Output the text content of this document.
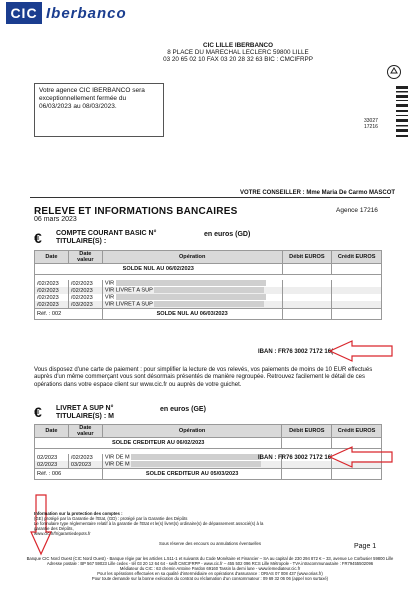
CIC Iberbanco
CIC LILLE IBERBANCO
8 PLACE DU MARECHAL LECLERC 59800 LILLE
03 20 65 02 10 FAX 03 20 28 32 63 BIC : CMCIFRPP
33027
17216
Votre agence CIC IBERBANCO sera exceptionnellement fermée du 06/03/2023 au 08/03/2023.
VOTRE CONSEILLER : Mme Maria De Carmo MASCOT
RELEVE ET INFORMATIONS BANCAIRES
06 mars 2023
Agence 17216
€ COMPTE COURANT BASIC N°
TITULAIRE(S) :
en euros (GD)
Date	Date valeur	Opération	Débit EUROS	Crédit EUROS
SOLDE NUL AU 06/02/2023				

/02/2023	/02/2023	VIR		
/02/2023	/02/2023	VIR LIVRET A SUP		
/02/2023	/02/2023	VIR		
/02/2023	/03/2023	VIR LIVRET A SUP		
Réf. : 002		SOLDE NUL AU 06/03/2023		
IBAN : FR76 3002 7172 16(
Vous disposez d'une carte de paiement : pour simplifier la lecture de vos relevés, vos paiements de moins de 10 EUR effectués auprès d'un même commerçant vous sont désormais présentés de manière regroupée. Retrouvez facilement le détail de ces opérations dans votre espace client sur www.cic.fr ou auprès de votre guichet.
€ LIVRET A SUP N°
TITULAIRE(S) : M
en euros (GE)
Date	Date valeur	Opération	Débit EUROS	Crédit EUROS
SOLDE CREDITEUR AU 06/02/2023				

02/2023	/02/2023	VIR DE M		
02/2023	03/2023	VIR DE M		
Réf. : 006		SOLDE CREDITEUR AU 05/03/2023		
IBAN : FR76 3002 7172 16
Information sur la protection des comptes :
(GE) protégé par la Garantie de l'Etat, (GD) : protégé par la Garantie des Dépôts
Le formulaire type réglementaire relatif à la garantie de l'Etat et le(s) livret(s) ordinaire(s) de dépassement associé(s) à la garantie des Dépôts,
www.cic.fr/fr/garantiedepots.fr
Page 1
Sous réserve des encours ou annulations éventuelles
Banque CIC Nord Ouest (CIC Nord Ouest) - Banque régie par les articles L.511-1 et suivants du Code Monétaire et Financier – SA au capital de 230 294 872 € – 33, avenue Le Corbusier 59800 Lille
Adresse postale : BP 567 59023 Lille cedex - tél 03 20 12 64 64 - swift CMCIFRPP - www.cic.fr – 455 502 096 RCS Lille Métropole - TVA intracommunautaire : FR79455502096
Médiateur du CIC : 63 chemin Antoine Pardon 69160 Tassin la demi lune - www.lemediateur.cic.fr
Pour les opérations effectuées en sa qualité d'intermédiaire en opérations d'assurance : ORIAS 07 008 437 (www.orias.fr)
Pour toute demande sur la bonne exécution du contrat ou réclamation d'un consommateur : 09 69 32 06 06 (appel non surtaxé)
